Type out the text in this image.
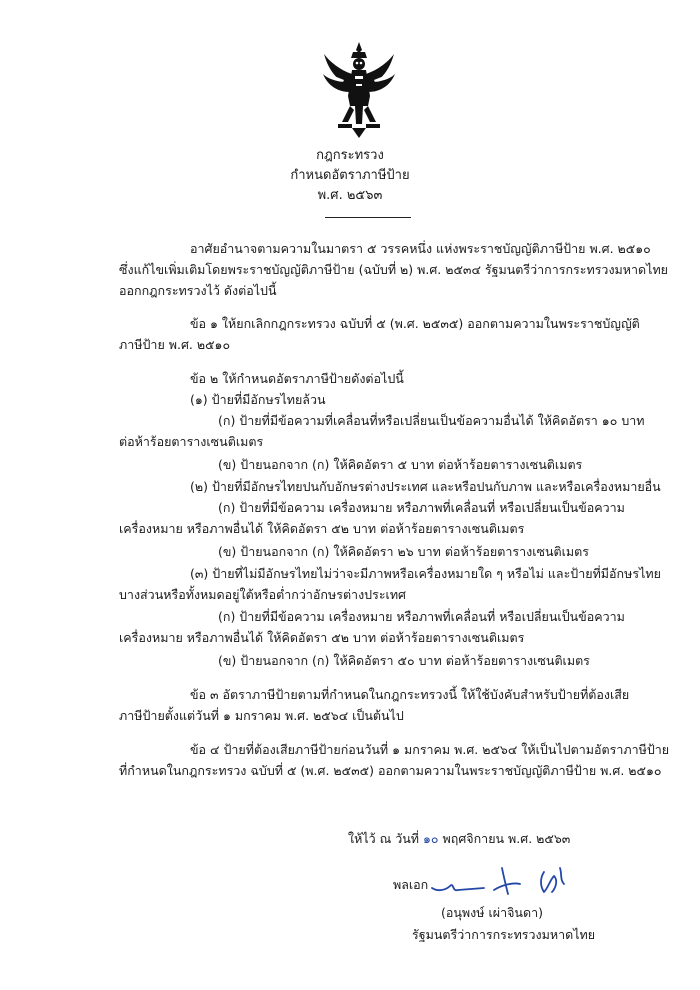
กฎกระทรวง
กำหนดอัตราภาษีป้าย
พ.ศ. ๒๕๖๓
อาศัยอำนาจตามความในมาตรา ๕ วรรคหนึ่ง แห่งพระราชบัญญัติภาษีป้าย พ.ศ. ๒๕๑๐
ซึ่งแก้ไขเพิ่มเติมโดยพระราชบัญญัติภาษีป้าย (ฉบับที่ ๒) พ.ศ. ๒๕๓๔ รัฐมนตรีว่าการกระทรวงมหาดไทย
ออกกฎกระทรวงไว้ ดังต่อไปนี้
ข้อ ๑ ให้ยกเลิกกฎกระทรวง ฉบับที่ ๕ (พ.ศ. ๒๕๓๕) ออกตามความในพระราชบัญญัติ
ภาษีป้าย พ.ศ. ๒๕๑๐
ข้อ ๒ ให้กำหนดอัตราภาษีป้ายดังต่อไปนี้
(๑) ป้ายที่มีอักษรไทยล้วน
(ก) ป้ายที่มีข้อความที่เคลื่อนที่หรือเปลี่ยนเป็นข้อความอื่นได้ ให้คิดอัตรา ๑๐ บาท
ต่อห้าร้อยตารางเซนติเมตร
(ข) ป้ายนอกจาก (ก) ให้คิดอัตรา ๕ บาท ต่อห้าร้อยตารางเซนติเมตร
(๒) ป้ายที่มีอักษรไทยปนกับอักษรต่างประเทศ และหรือปนกับภาพ และหรือเครื่องหมายอื่น
(ก) ป้ายที่มีข้อความ เครื่องหมาย หรือภาพที่เคลื่อนที่ หรือเปลี่ยนเป็นข้อความ
เครื่องหมาย หรือภาพอื่นได้ ให้คิดอัตรา ๕๒ บาท ต่อห้าร้อยตารางเซนติเมตร
(ข) ป้ายนอกจาก (ก) ให้คิดอัตรา ๒๖ บาท ต่อห้าร้อยตารางเซนติเมตร
(๓) ป้ายที่ไม่มีอักษรไทยไม่ว่าจะมีภาพหรือเครื่องหมายใด ๆ หรือไม่ และป้ายที่มีอักษรไทย
บางส่วนหรือทั้งหมดอยู่ใต้หรือต่ำกว่าอักษรต่างประเทศ
(ก) ป้ายที่มีข้อความ เครื่องหมาย หรือภาพที่เคลื่อนที่ หรือเปลี่ยนเป็นข้อความ
เครื่องหมาย หรือภาพอื่นได้ ให้คิดอัตรา ๕๒ บาท ต่อห้าร้อยตารางเซนติเมตร
(ข) ป้ายนอกจาก (ก) ให้คิดอัตรา ๕๐ บาท ต่อห้าร้อยตารางเซนติเมตร
ข้อ ๓ อัตราภาษีป้ายตามที่กำหนดในกฎกระทรวงนี้ ให้ใช้บังคับสำหรับป้ายที่ต้องเสีย
ภาษีป้ายตั้งแต่วันที่ ๑ มกราคม พ.ศ. ๒๕๖๔ เป็นต้นไป
ข้อ ๔ ป้ายที่ต้องเสียภาษีป้ายก่อนวันที่ ๑ มกราคม พ.ศ. ๒๕๖๔ ให้เป็นไปตามอัตราภาษีป้าย
ที่กำหนดในกฎกระทรวง ฉบับที่ ๕ (พ.ศ. ๒๕๓๕) ออกตามความในพระราชบัญญัติภาษีป้าย พ.ศ. ๒๕๑๐
ให้ไว้ ณ วันที่ ๑๐ พฤศจิกายน พ.ศ. ๒๕๖๓
พลเอก
(อนุพงษ์ เผ่าจินดา)
รัฐมนตรีว่าการกระทรวงมหาดไทย
